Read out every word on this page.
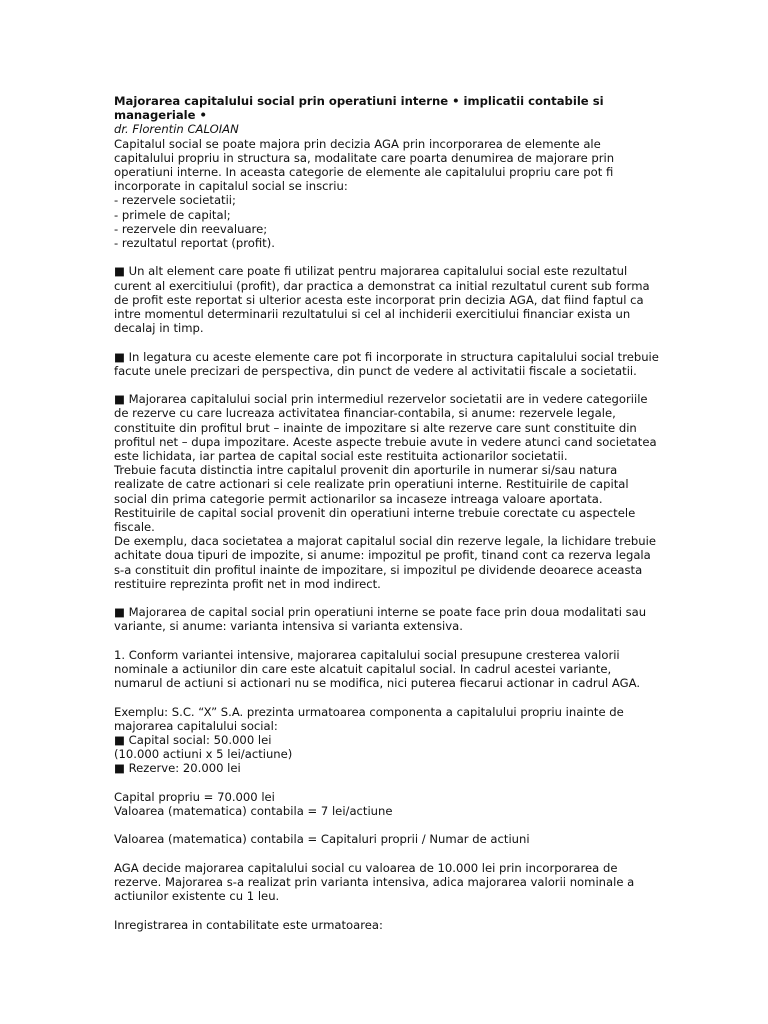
Majorarea capitalului social prin operatiuni interne • implicatii contabile si manageriale •

dr. Florentin CALOIAN

Capitalul social se poate majora prin decizia AGA prin incorporarea de elemente ale capitalului propriu in structura sa, modalitate care poarta denumirea de majorare prin operatiuni interne. In aceasta categorie de elemente ale capitalului propriu care pot fi incorporate in capitalul social se inscriu:

- rezervele societatii;

- primele de capital;

- rezervele din reevaluare;

- rezultatul reportat (profit).

■ Un alt element care poate fi utilizat pentru majorarea capitalului social este rezultatul curent al exercitiului (profit), dar practica a demonstrat ca initial rezultatul curent sub forma de profit este reportat si ulterior acesta este incorporat prin decizia AGA, dat fiind faptul ca intre momentul determinarii rezultatului si cel al inchiderii exercitiului financiar exista un decalaj in timp.

■ In legatura cu aceste elemente care pot fi incorporate in structura capitalului social trebuie facute unele precizari de perspectiva, din punct de vedere al activitatii fiscale a societatii.

■ Majorarea capitalului social prin intermediul rezervelor societatii are in vedere categoriile de rezerve cu care lucreaza activitatea financiar-contabila, si anume: rezervele legale, constituite din profitul brut – inainte de impozitare si alte rezerve care sunt constituite din profitul net – dupa impozitare. Aceste aspecte trebuie avute in vedere atunci cand societatea este lichidata, iar partea de capital social este restituita actionarilor societatii.

Trebuie facuta distinctia intre capitalul provenit din aporturile in numerar si/sau natura realizate de catre actionari si cele realizate prin operatiuni interne. Restituirile de capital social din prima categorie permit actionarilor sa incaseze intreaga valoare aportata. Restituirile de capital social provenit din operatiuni interne trebuie corectate cu aspectele fiscale.

De exemplu, daca societatea a majorat capitalul social din rezerve legale, la lichidare trebuie achitate doua tipuri de impozite, si anume: impozitul pe profit, tinand cont ca rezerva legala s-a constituit din profitul inainte de impozitare, si impozitul pe dividende deoarece aceasta restituire reprezinta profit net in mod indirect.

■ Majorarea de capital social prin operatiuni interne se poate face prin doua modalitati sau variante, si anume: varianta intensiva si varianta extensiva.

1. Conform variantei intensive, majorarea capitalului social presupune cresterea valorii nominale a actiunilor din care este alcatuit capitalul social. In cadrul acestei variante, numarul de actiuni si actionari nu se modifica, nici puterea fiecarui actionar in cadrul AGA.

Exemplu: S.C. “X” S.A. prezinta urmatoarea componenta a capitalului propriu inainte de majorarea capitalului social:

■ Capital social: 50.000 lei

(10.000 actiuni x 5 lei/actiune)

■ Rezerve: 20.000 lei

Capital propriu = 70.000 lei

Valoarea (matematica) contabila = 7 lei/actiune

Valoarea (matematica) contabila = Capitaluri proprii / Numar de actiuni

AGA decide majorarea capitalului social cu valoarea de 10.000 lei prin incorporarea de rezerve. Majorarea s-a realizat prin varianta intensiva, adica majorarea valorii nominale a actiunilor existente cu 1 leu.

Inregistrarea in contabilitate este urmatoarea:
